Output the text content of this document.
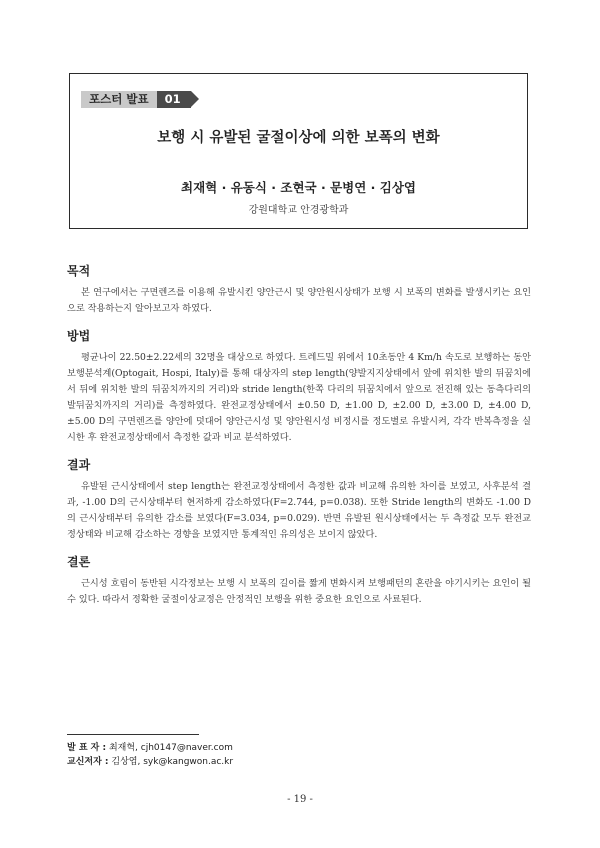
포스터 발표	01
보행 시 유발된 굴절이상에 의한 보폭의 변화
최재혁 · 유동식 · 조현국 · 문병연 · 김상엽
강원대학교 안경광학과
목적

본 연구에서는 구면렌즈를 이용해 유발시킨 양안근시 및 양안원시상태가 보행 시 보폭의 변화를 발생시키는 요인으로 작용하는지 알아보고자 하였다.

방법

평균나이 22.50±2.22세의 32명을 대상으로 하였다. 트레드밀 위에서 10초동안 4 Km/h 속도로 보행하는 동안 보행분석계(Optogait, Hospi, Italy)를 통해 대상자의 step length(양발지지상태에서 앞에 위치한 발의 뒤꿈치에서 뒤에 위치한 발의 뒤꿈치까지의 거리)와 stride length(한쪽 다리의 뒤꿈치에서 앞으로 전진해 있는 동측다리의 발뒤꿈치까지의 거리)를 측정하였다. 완전교정상태에서 ±0.50 D, ±1.00 D, ±2.00 D, ±3.00 D, ±4.00 D, ±5.00 D의 구면렌즈를 양안에 덧대어 양안근시성 및 양안원시성 비정시를 정도별로 유발시켜, 각각 반복측정을 실시한 후 완전교정상태에서 측정한 값과 비교 분석하였다.

결과

유발된 근시상태에서 step length는 완전교정상태에서 측정한 값과 비교해 유의한 차이를 보였고, 사후분석 결과, -1.00 D의 근시상태부터 현저하게 감소하였다(F=2.744, p=0.038). 또한 Stride length의 변화도 -1.00 D의 근시상태부터 유의한 감소를 보였다(F=3.034, p=0.029). 반면 유발된 원시상태에서는 두 측정값 모두 완전교정상태와 비교해 감소하는 경향을 보였지만 통계적인 유의성은 보이지 않았다.

결론

근시성 흐림이 동반된 시각정보는 보행 시 보폭의 길이를 짧게 변화시켜 보행패턴의 혼란을 야기시키는 요인이 될 수 있다. 따라서 정확한 굴절이상교정은 안정적인 보행을 위한 중요한 요인으로 사료된다.

발 표 자 : 최재혁, cjh0147@naver.com
교신저자 : 김상엽, syk@kangwon.ac.kr
- 19 -
